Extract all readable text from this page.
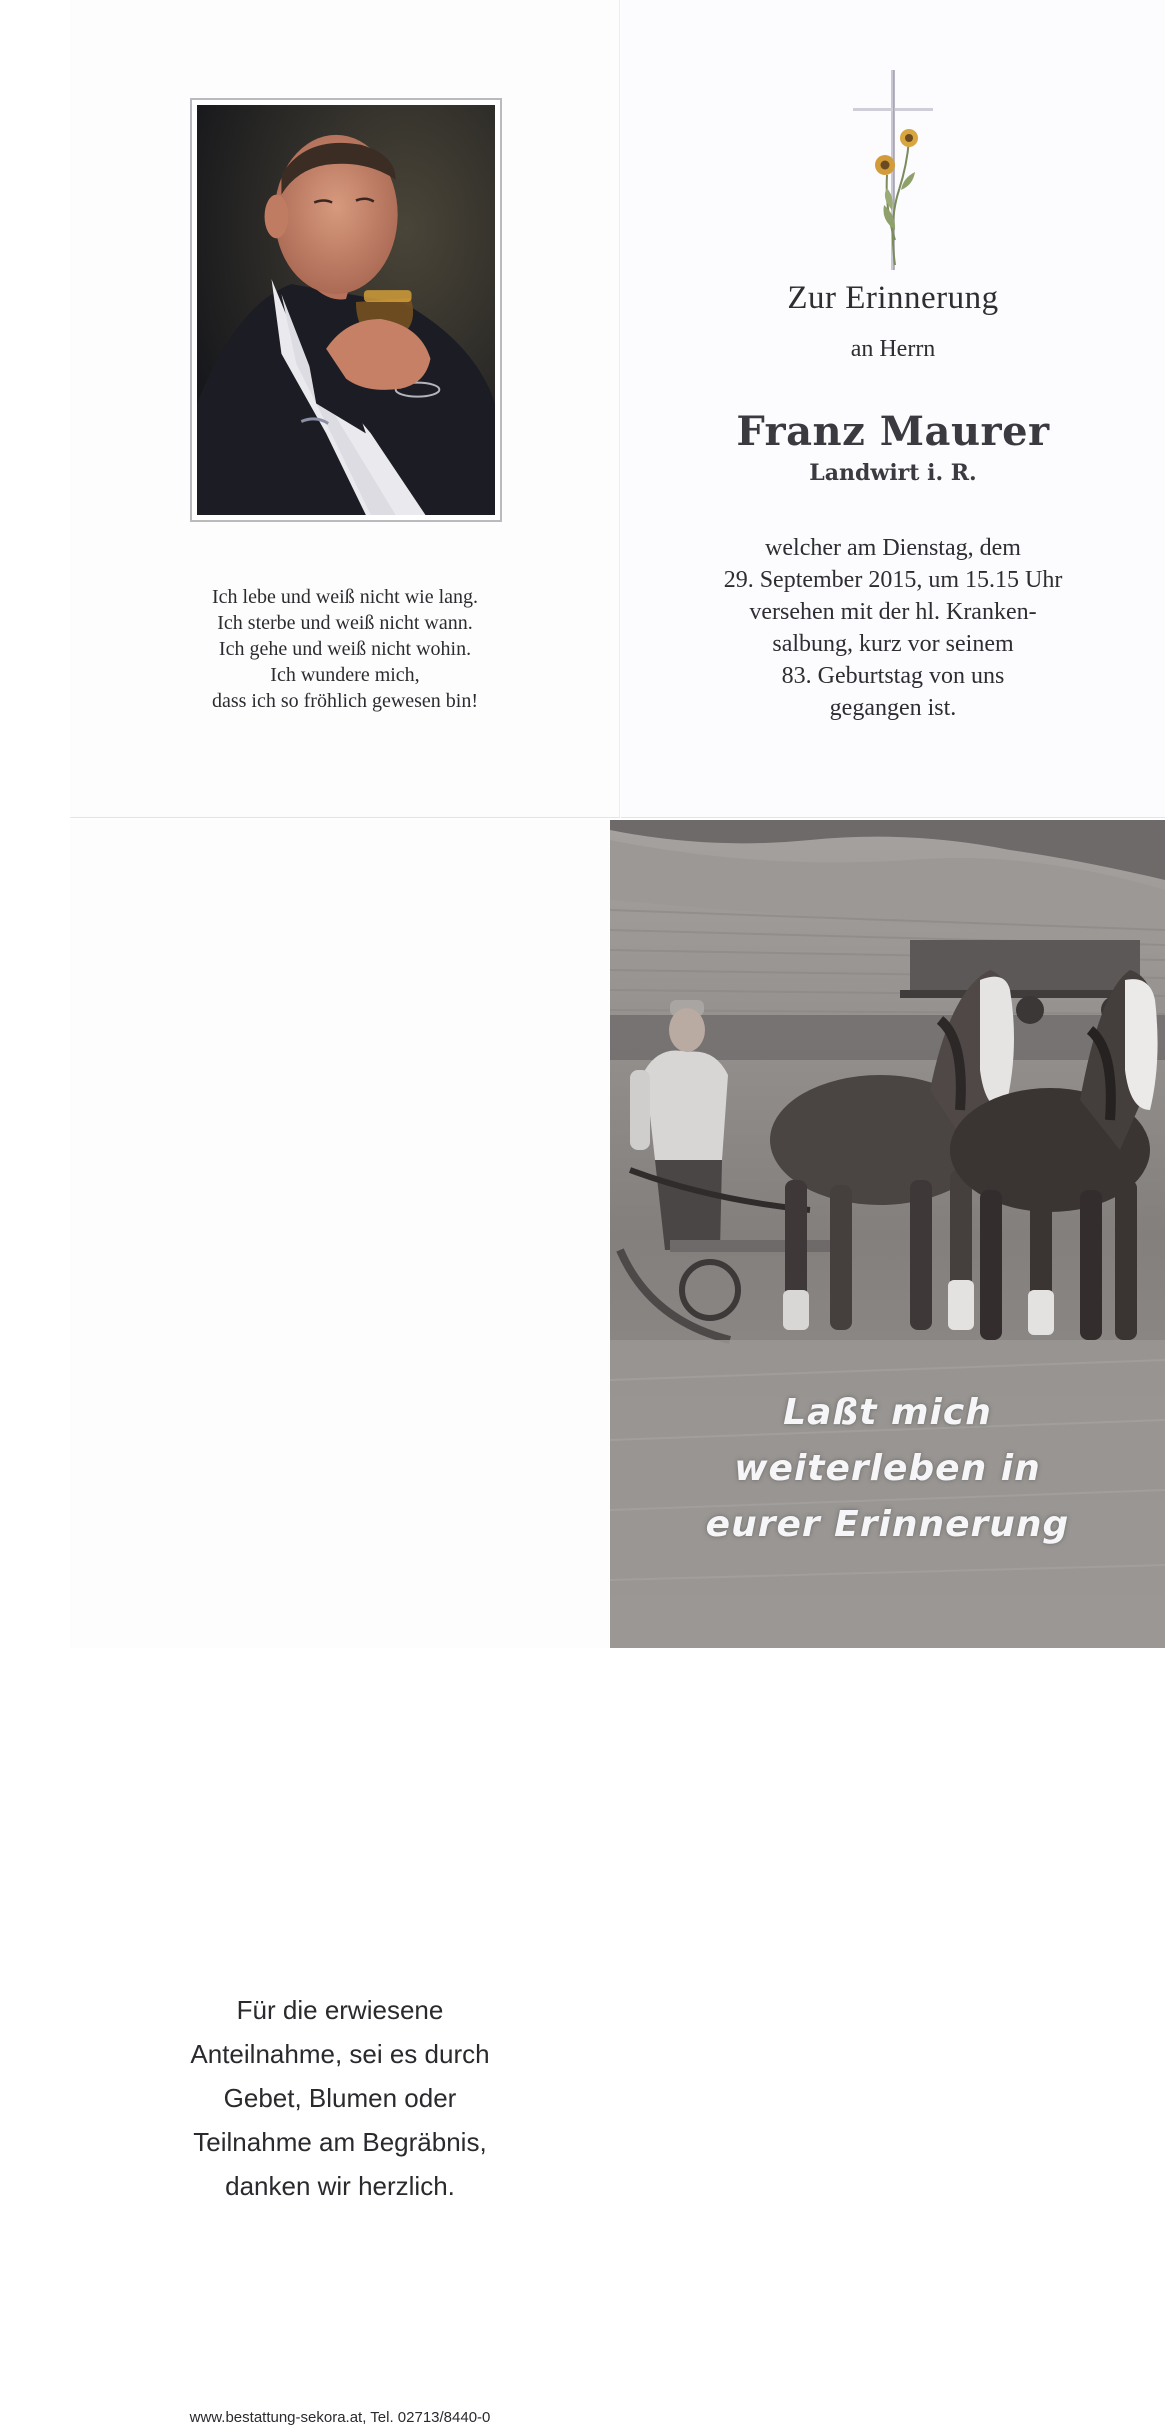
Ich lebe und weiß nicht wie lang.
Ich sterbe und weiß nicht wann.
Ich gehe und weiß nicht wohin.
Ich wundere mich,
dass ich so fröhlich gewesen bin!
Zur Erinnerung
an Herrn
Franz Maurer
Landwirt i. R.
welcher am Dienstag, dem
29. September 2015, um 15.15 Uhr
versehen mit der hl. Kranken-
salbung, kurz vor seinem
83. Geburtstag von uns
gegangen ist.
Für die erwiesene
Anteilnahme, sei es durch
Gebet, Blumen oder
Teilnahme am Begräbnis,
danken wir herzlich.
www.bestattung-sekora.at, Tel. 02713/8440-0
Laßt mich
weiterleben in
eurer Erinnerung
